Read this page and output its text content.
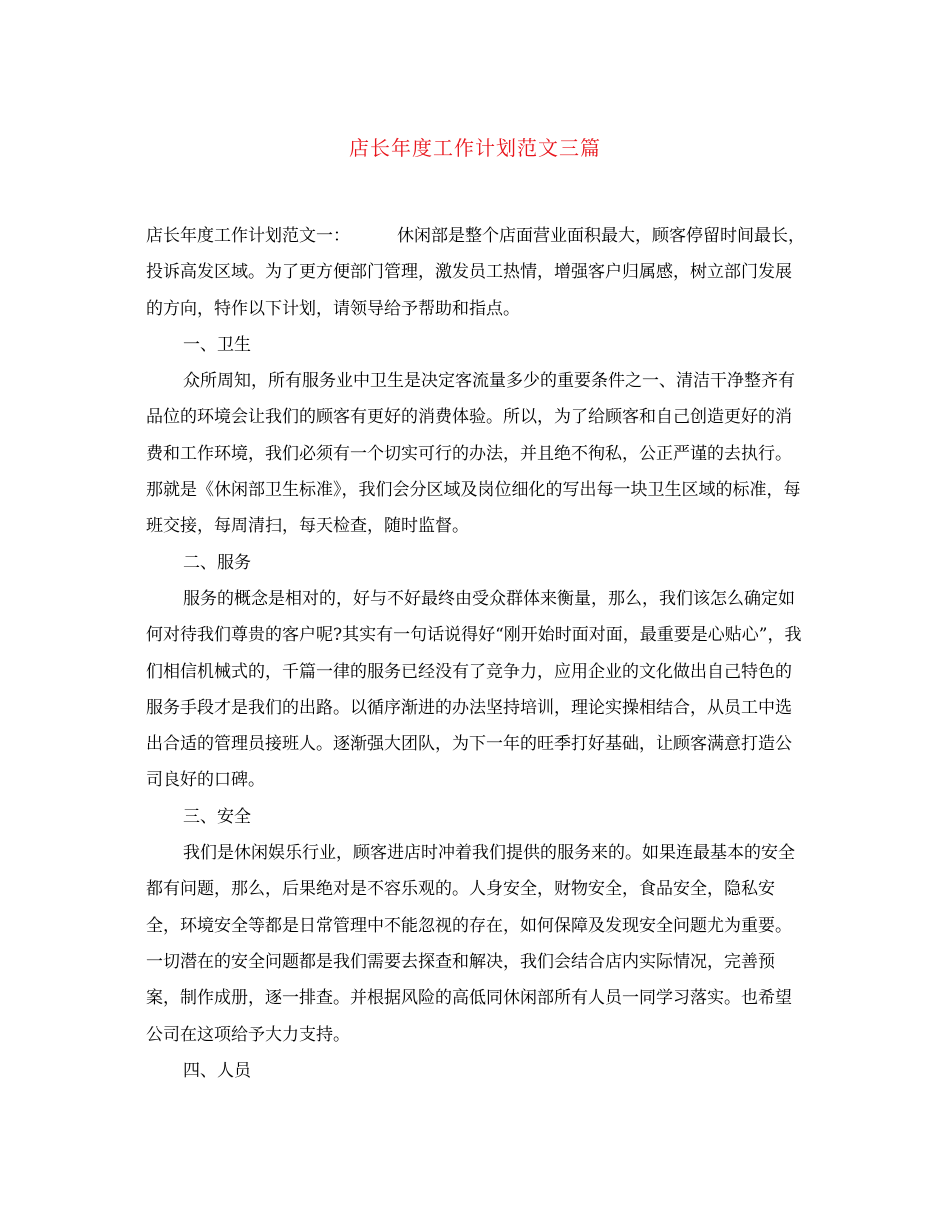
店长年度工作计划范文三篇

店长年度工作计划范文一：	休闲部是整个店面营业面积最大，顾客停留时间最长，投诉高发区域。为了更方便部门管理，激发员工热情，增强客户归属感，树立部门发展的方向，特作以下计划，请领导给予帮助和指点。

一、卫生

众所周知，所有服务业中卫生是决定客流量多少的重要条件之一、清洁干净整齐有品位的环境会让我们的顾客有更好的消费体验。所以，为了给顾客和自己创造更好的消费和工作环境，我们必须有一个切实可行的办法，并且绝不徇私，公正严谨的去执行。那就是《休闲部卫生标准》，我们会分区域及岗位细化的写出每一块卫生区域的标准，每班交接，每周清扫，每天检查，随时监督。

二、服务

服务的概念是相对的，好与不好最终由受众群体来衡量，那么，我们该怎么确定如何对待我们尊贵的客户呢?其实有一句话说得好“刚开始时面对面，最重要是心贴心”，我们相信机械式的，千篇一律的服务已经没有了竞争力，应用企业的文化做出自己特色的服务手段才是我们的出路。以循序渐进的办法坚持培训，理论实操相结合，从员工中选出合适的管理员接班人。逐渐强大团队，为下一年的旺季打好基础，让顾客满意打造公司良好的口碑。

三、安全

我们是休闲娱乐行业，顾客进店时冲着我们提供的服务来的。如果连最基本的安全都有问题，那么，后果绝对是不容乐观的。人身安全，财物安全，食品安全，隐私安全，环境安全等都是日常管理中不能忽视的存在，如何保障及发现安全问题尤为重要。一切潜在的安全问题都是我们需要去探查和解决，我们会结合店内实际情况，完善预案，制作成册，逐一排查。并根据风险的高低同休闲部所有人员一同学习落实。也希望公司在这项给予大力支持。

四、人员
